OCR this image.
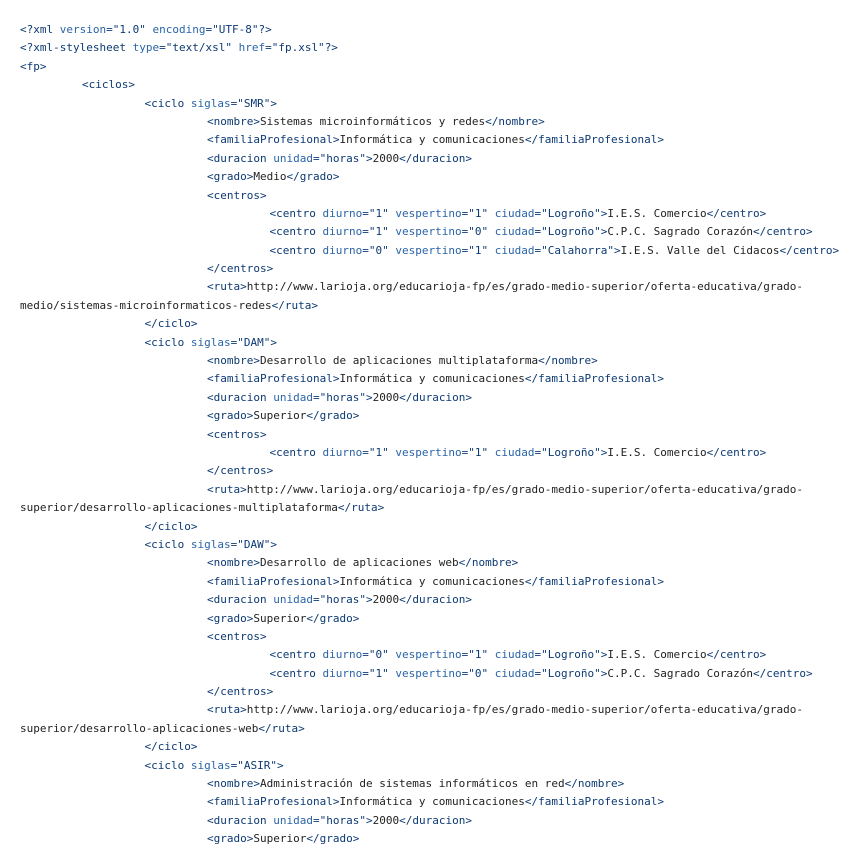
<?xml version="1.0" encoding="UTF-8"?>
<?xml-stylesheet type="text/xsl" href="fp.xsl"?>
<fp>
<ciclos>
<ciclo siglas="SMR">
<nombre>Sistemas microinformáticos y redes</nombre>
<familiaProfesional>Informática y comunicaciones</familiaProfesional>
<duracion unidad="horas">2000</duracion>
<grado>Medio</grado>
<centros>
<centro diurno="1" vespertino="1" ciudad="Logroño">I.E.S. Comercio</centro>
<centro diurno="1" vespertino="0" ciudad="Logroño">C.P.C. Sagrado Corazón</centro>
<centro diurno="0" vespertino="1" ciudad="Calahorra">I.E.S. Valle del Cidacos</centro>
</centros>
<ruta>http://www.larioja.org/educarioja-fp/es/grado-medio-superior/oferta-educativa/grado-
medio/sistemas-microinformaticos-redes</ruta>
</ciclo>
<ciclo siglas="DAM">
<nombre>Desarrollo de aplicaciones multiplataforma</nombre>
<familiaProfesional>Informática y comunicaciones</familiaProfesional>
<duracion unidad="horas">2000</duracion>
<grado>Superior</grado>
<centros>
<centro diurno="1" vespertino="1" ciudad="Logroño">I.E.S. Comercio</centro>
</centros>
<ruta>http://www.larioja.org/educarioja-fp/es/grado-medio-superior/oferta-educativa/grado-
superior/desarrollo-aplicaciones-multiplataforma</ruta>
</ciclo>
<ciclo siglas="DAW">
<nombre>Desarrollo de aplicaciones web</nombre>
<familiaProfesional>Informática y comunicaciones</familiaProfesional>
<duracion unidad="horas">2000</duracion>
<grado>Superior</grado>
<centros>
<centro diurno="0" vespertino="1" ciudad="Logroño">I.E.S. Comercio</centro>
<centro diurno="1" vespertino="0" ciudad="Logroño">C.P.C. Sagrado Corazón</centro>
</centros>
<ruta>http://www.larioja.org/educarioja-fp/es/grado-medio-superior/oferta-educativa/grado-
superior/desarrollo-aplicaciones-web</ruta>
</ciclo>
<ciclo siglas="ASIR">
<nombre>Administración de sistemas informáticos en red</nombre>
<familiaProfesional>Informática y comunicaciones</familiaProfesional>
<duracion unidad="horas">2000</duracion>
<grado>Superior</grado>
